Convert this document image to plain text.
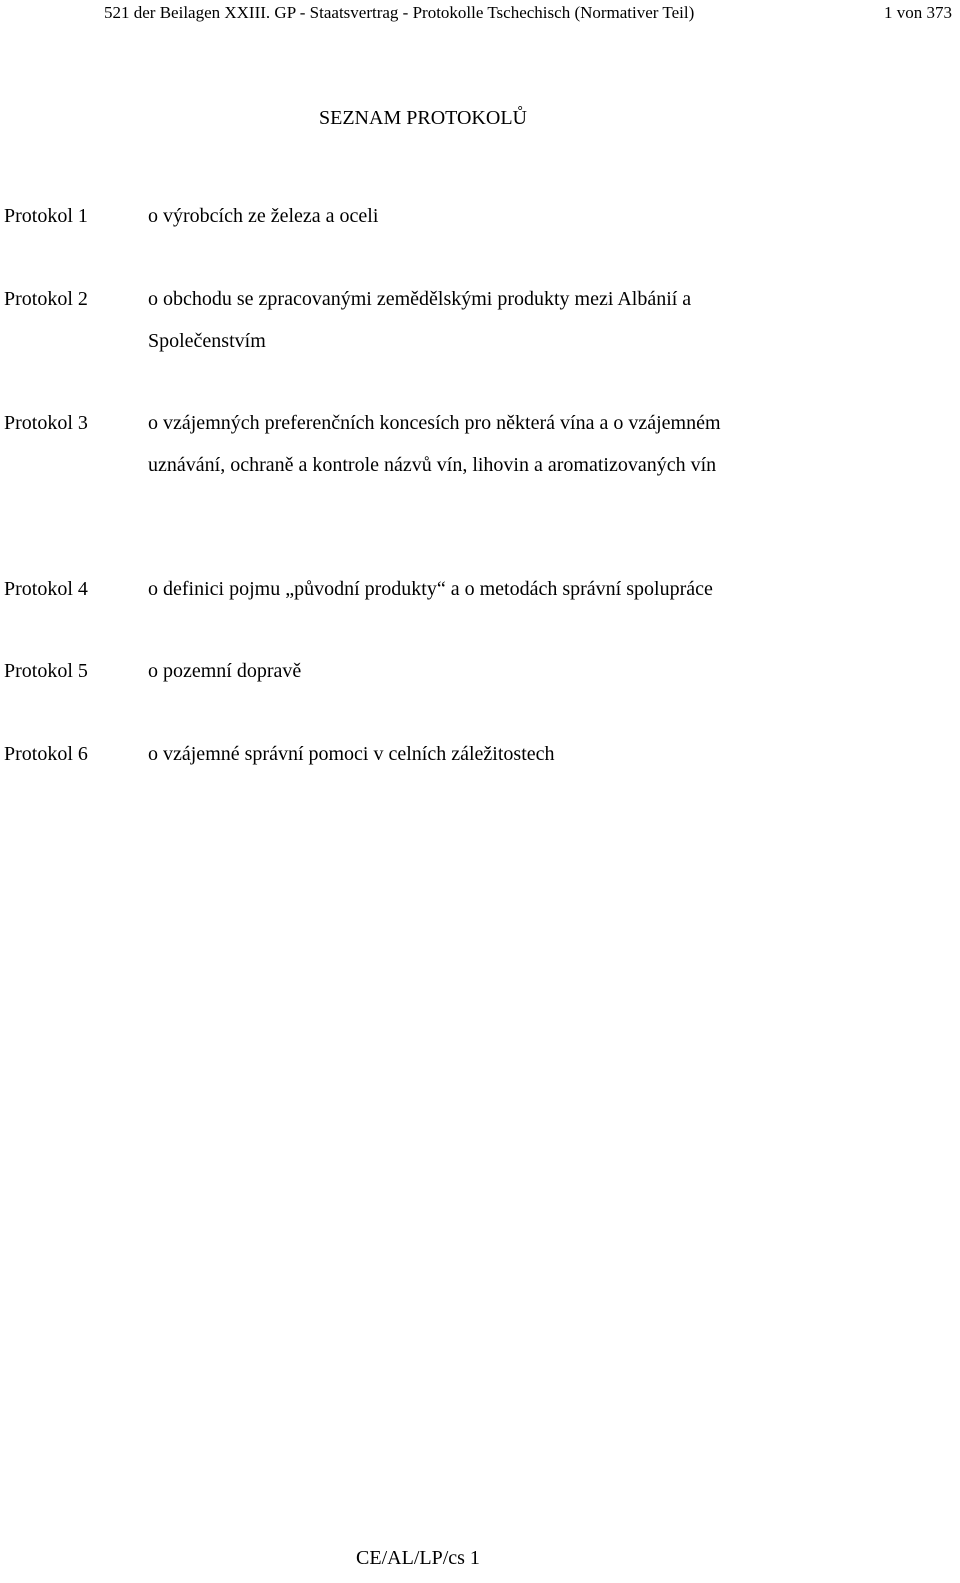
521 der Beilagen XXIII. GP - Staatsvertrag - Protokolle Tschechisch (Normativer Teil)	1 von 373
SEZNAM PROTOKOLŮ
Protokol 1	o výrobcích ze železa a oceli
Protokol 2	o obchodu se zpracovanými zemědělskými produkty mezi Albánií a Společenstvím
Protokol 3	o vzájemných preferenčních koncesích pro některá vína a o vzájemném uznávání, ochraně a kontrole názvů vín, lihovin a aromatizovaných vín
Protokol 4	o definici pojmu „původní produkty“ a o metodách správní spolupráce
Protokol 5	o pozemní dopravě
Protokol 6	o vzájemné správní pomoci v celních záležitostech
CE/AL/LP/cs 1
